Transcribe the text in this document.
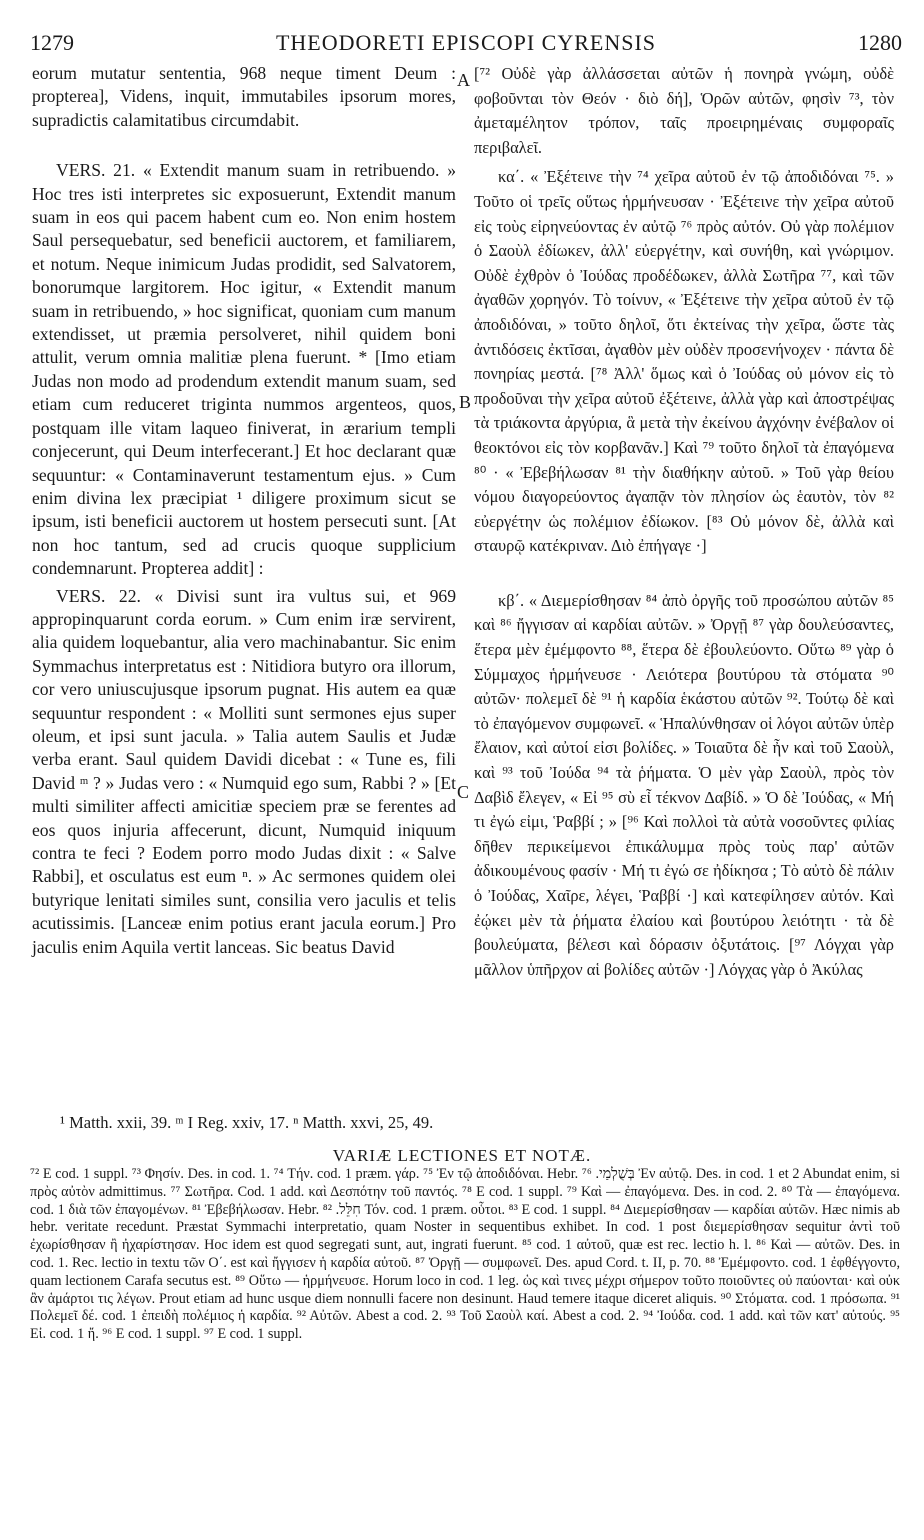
1279	THEODORETI EPISCOPI CYRENSIS	1280

eorum mutatur sententia, 968 neque timent Deum : propterea], Videns, inquit, immutabiles ipsorum mores, supradictis calamitatibus circumdabit.

VERS. 21. « Extendit manum suam in retribuendo. » Hoc tres isti interpretes sic exposuerunt, Extendit manum suam in eos qui pacem habent cum eo. Non enim hostem Saul persequebatur, sed beneficii auctorem, et familiarem, et notum. Neque inimicum Judas prodidit, sed Salvatorem, bonorumque largitorem. Hoc igitur, « Extendit manum suam in retribuendo, » hoc significat, quoniam cum manum extendisset, ut præmia persolveret, nihil quidem boni attulit, verum omnia malitiæ plena fuerunt. * [Imo etiam Judas non modo ad prodendum extendit manum suam, sed etiam cum reduceret triginta nummos argenteos, quos, postquam ille vitam laqueo finiverat, in ærarium templi conjecerunt, qui Deum interfecerant.] Et hoc declarant quæ sequuntur: « Contaminaverunt testamentum ejus. » Cum enim divina lex præcipiat ¹ diligere proximum sicut se ipsum, isti beneficii auctorem ut hostem persecuti sunt. [At non hoc tantum, sed ad crucis quoque supplicium condemnarunt. Propterea addit] :

VERS. 22. « Divisi sunt ira vultus sui, et 969 appropinquarunt corda eorum. » Cum enim iræ servirent, alia quidem loquebantur, alia vero machinabantur. Sic enim Symmachus interpretatus est : Nitidiora butyro ora illorum, cor vero uniuscujusque ipsorum pugnat. His autem ea quæ sequuntur respondent : « Molliti sunt sermones ejus super oleum, et ipsi sunt jacula. » Talia autem Saulis et Judæ verba erant. Saul quidem Davidi dicebat : « Tune es, fili David ᵐ ? » Judas vero : « Numquid ego sum, Rabbi ? » [Et multi similiter affecti amicitiæ speciem præ se ferentes ad eos quos injuria affecerunt, dicunt, Numquid iniquum contra te feci ? Eodem porro modo Judas dixit : « Salve Rabbi], et osculatus est eum ⁿ. » Ac sermones quidem olei butyrique lenitati similes sunt, consilia vero jaculis et telis acutissimis. [Lanceæ enim potius erant jacula eorum.] Pro jaculis enim Aquila vertit lanceas. Sic beatus David

A
B
C

[⁷² Οὐδὲ γὰρ ἀλλάσσεται αὐτῶν ἡ πονηρὰ γνώμη, οὐδὲ φοβοῦνται τὸν Θεόν · διὸ δή], Ὁρῶν αὐτῶν, φησὶν ⁷³, τὸν ἀμεταμέλητον τρόπον, ταῖς προειρημέναις συμφοραῖς περιβαλεῖ.

κα΄. « Ἐξέτεινε τὴν ⁷⁴ χεῖρα αὐτοῦ ἐν τῷ ἀποδιδόναι ⁷⁵. » Τοῦτο οἱ τρεῖς οὕτως ἡρμήνευσαν · Ἐξέτεινε τὴν χεῖρα αὐτοῦ εἰς τοὺς εἰρηνεύοντας ἐν αὐτῷ ⁷⁶ πρὸς αὐτόν. Οὐ γὰρ πολέμιον ὁ Σαοὺλ ἐδίωκεν, ἀλλ' εὐεργέτην, καὶ συνήθη, καὶ γνώριμον. Οὐδὲ ἐχθρὸν ὁ Ἰούδας προδέδωκεν, ἀλλὰ Σωτῆρα ⁷⁷, καὶ τῶν ἀγαθῶν χορηγόν. Τὸ τοίνυν, « Ἐξέτεινε τὴν χεῖρα αὐτοῦ ἐν τῷ ἀποδιδόναι, » τοῦτο δηλοῖ, ὅτι ἐκτείνας τὴν χεῖρα, ὥστε τὰς ἀντιδόσεις ἐκτῖσαι, ἀγαθὸν μὲν οὐδὲν προσενήνοχεν · πάντα δὲ πονηρίας μεστά. [⁷⁸ Ἀλλ' ὅμως καὶ ὁ Ἰούδας οὐ μόνον εἰς τὸ προδοῦναι τὴν χεῖρα αὐτοῦ ἐξέτεινε, ἀλλὰ γὰρ καὶ ἀποστρέψας τὰ τριάκοντα ἀργύρια, ἃ μετὰ τὴν ἐκείνου ἀγχόνην ἐνέβαλον οἱ θεοκτόνοι εἰς τὸν κορβανᾶν.] Καὶ ⁷⁹ τοῦτο δηλοῖ τὰ ἐπαγόμενα ⁸⁰ · « Ἐβεβήλωσαν ⁸¹ τὴν διαθήκην αὐτοῦ. » Τοῦ γὰρ θείου νόμου διαγορεύοντος ἀγαπᾷν τὸν πλησίον ὡς ἑαυτὸν, τὸν ⁸² εὐεργέτην ὡς πολέμιον ἐδίωκον. [⁸³ Οὐ μόνον δὲ, ἀλλὰ καὶ σταυρῷ κατέκριναν. Διὸ ἐπήγαγε ·]

κβ΄. « Διεμερίσθησαν ⁸⁴ ἀπὸ ὀργῆς τοῦ προσώπου αὐτῶν ⁸⁵ καὶ ⁸⁶ ἤγγισαν αἱ καρδίαι αὐτῶν. » Ὀργῇ ⁸⁷ γὰρ δουλεύσαντες, ἕτερα μὲν ἐμέμφοντο ⁸⁸, ἕτερα δὲ ἐβουλεύοντο. Οὕτω ⁸⁹ γὰρ ὁ Σύμμαχος ἡρμήνευσε · Λειότερα βουτύρου τὰ στόματα ⁹⁰ αὐτῶν· πολεμεῖ δὲ ⁹¹ ἡ καρδία ἑκάστου αὐτῶν ⁹². Τούτῳ δὲ καὶ τὸ ἐπαγόμενον συμφωνεῖ. « Ἡπαλύνθησαν οἱ λόγοι αὐτῶν ὑπὲρ ἔλαιον, καὶ αὐτοί εἰσι βολίδες. » Τοιαῦτα δὲ ἦν καὶ τοῦ Σαοὺλ, καὶ ⁹³ τοῦ Ἰούδα ⁹⁴ τὰ ῥήματα. Ὁ μὲν γὰρ Σαοὺλ, πρὸς τὸν Δαβὶδ ἔλεγεν, « Εἰ ⁹⁵ σὺ εἶ τέκνον Δαβίδ. » Ὁ δὲ Ἰούδας, « Μή τι ἐγώ εἰμι, Ῥαββί ; » [⁹⁶ Καὶ πολλοὶ τὰ αὐτὰ νοσοῦντες φιλίας δῆθεν περικείμενοι ἐπικάλυμμα πρὸς τοὺς παρ' αὐτῶν ἀδικουμένους φασίν · Μή τι ἐγώ σε ἠδίκησα ; Τὸ αὐτὸ δὲ πάλιν ὁ Ἰούδας, Χαῖρε, λέγει, Ῥαββί ·] καὶ κατεφίλησεν αὐτόν. Καὶ ἐῴκει μὲν τὰ ῥήματα ἐλαίου καὶ βουτύρου λειότητι · τὰ δὲ βουλεύματα, βέλεσι καὶ δόρασιν ὀξυτάτοις. [⁹⁷ Λόγχαι γὰρ μᾶλλον ὑπῆρχον αἱ βολίδες αὐτῶν ·] Λόγχας γὰρ ὁ Ἀκύλας

¹ Matth. xxii, 39. ᵐ I Reg. xxiv, 17. ⁿ Matth. xxvi, 25, 49.
VARIÆ LECTIONES ET NOTÆ.

⁷² E cod. 1 suppl. ⁷³ Φησίν. Des. in cod. 1. ⁷⁴ Τήν. cod. 1 præm. γάρ. ⁷⁵ Ἐν τῷ ἀποδιδόναι. Hebr. בְּשֻׁלְמַי. ⁷⁶ Ἐν αὐτῷ. Des. in cod. 1 et 2 Abundat enim, si πρὸς αὐτὸν admittimus. ⁷⁷ Σωτῆρα. Cod. 1 add. καὶ Δεσπότην τοῦ παντός. ⁷⁸ E cod. 1 suppl. ⁷⁹ Καὶ — ἐπαγόμενα. Des. in cod. 2. ⁸⁰ Τὰ — ἐπαγόμενα. cod. 1 διὰ τῶν ἐπαγομένων. ⁸¹ Ἐβεβήλωσαν. Hebr. חִלֵּל. ⁸² Τόν. cod. 1 præm. οὗτοι. ⁸³ E cod. 1 suppl. ⁸⁴ Διεμερίσθησαν — καρδίαι αὐτῶν. Hæc nimis ab hebr. veritate recedunt. Præstat Symmachi interpretatio, quam Noster in sequentibus exhibet. In cod. 1 post διεμερίσθησαν sequitur ἀντὶ τοῦ ἐχωρίσθησαν ἢ ἠχαρίστησαν. Hoc idem est quod segregati sunt, aut, ingrati fuerunt. ⁸⁵ cod. 1 αὐτοῦ, quæ est rec. lectio h. l. ⁸⁶ Καὶ — αὐτῶν. Des. in cod. 1. Rec. lectio in textu τῶν Ο΄. est καὶ ἤγγισεν ἡ καρδία αὐτοῦ. ⁸⁷ Ὀργῇ — συμφωνεῖ. Des. apud Cord. t. II, p. 70. ⁸⁸ Ἐμέμφοντο. cod. 1 ἐφθέγγοντο, quam lectionem Carafa secutus est. ⁸⁹ Οὕτω — ἡρμήνευσε. Horum loco in cod. 1 leg. ὡς καὶ τινες μέχρι σήμερον τοῦτο ποιοῦντες οὐ παύονται· καὶ οὐκ ἂν ἁμάρτοι τις λέγων. Prout etiam ad hunc usque diem nonnulli facere non desinunt. Haud temere itaque diceret aliquis. ⁹⁰ Στόματα. cod. 1 πρόσωπα. ⁹¹ Πολεμεῖ δέ. cod. 1 ἐπειδὴ πολέμιος ἡ καρδία. ⁹² Αὐτῶν. Abest a cod. 2. ⁹³ Τοῦ Σαοὺλ καί. Abest a cod. 2. ⁹⁴ Ἰούδα. cod. 1 add. καὶ τῶν κατ' αὐτούς. ⁹⁵ Εἰ. cod. 1 ἤ. ⁹⁶ E cod. 1 suppl. ⁹⁷ E cod. 1 suppl.
